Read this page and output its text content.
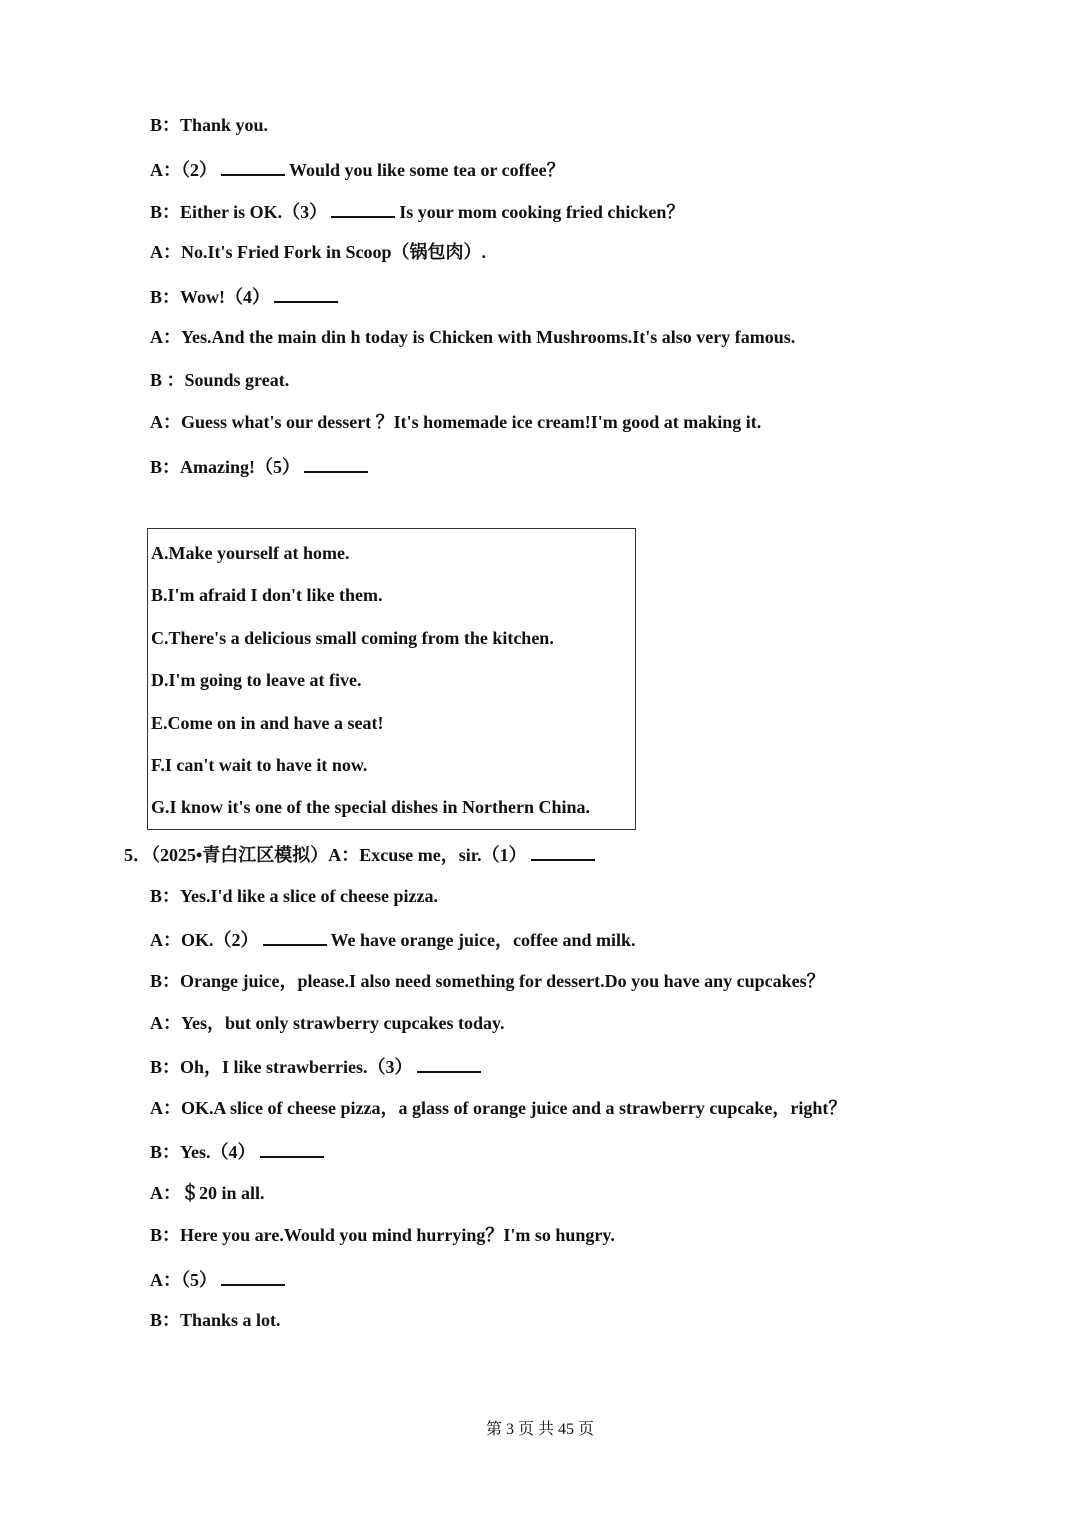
B：Thank you.
A：（2）	Would you like some tea or coffee？
B：Either is OK.（3）	Is your mom cooking fried chicken？
A：No.It's Fried Fork in Scoop（锅包肉）.
B：Wow!（4）
A：Yes.And the main din h today is Chicken with Mushrooms.It's also very famous.
B ：Sounds great.
A：Guess what's our dessert ？It's homemade ice cream!I'm good at making it.
B：Amazing!（5）
A.Make yourself at home.
B.I'm afraid I don't like them.
C.There's a delicious small coming from the kitchen.
D.I'm going to leave at five.
E.Come on in and have a seat!
F.I can't wait to have it now.
G.I know it's one of the special dishes in Northern China.
5．（2025•青白江区模拟）A：Excuse me，sir.（1）
B：Yes.I'd like a slice of cheese pizza.
A：OK.（2）	We have orange juice，coffee and milk.
B：Orange juice，please.I also need something for dessert.Do you have any cupcakes？
A：Yes，but only strawberry cupcakes today.
B：Oh，I like strawberries.（3）
A：OK.A slice of cheese pizza，a glass of orange juice and a strawberry cupcake，right？
B：Yes.（4）
A：＄20 in all.
B：Here you are.Would you mind hurrying？I'm so hungry.
A：（5）
B：Thanks a lot.
第 3 页 共 45 页
